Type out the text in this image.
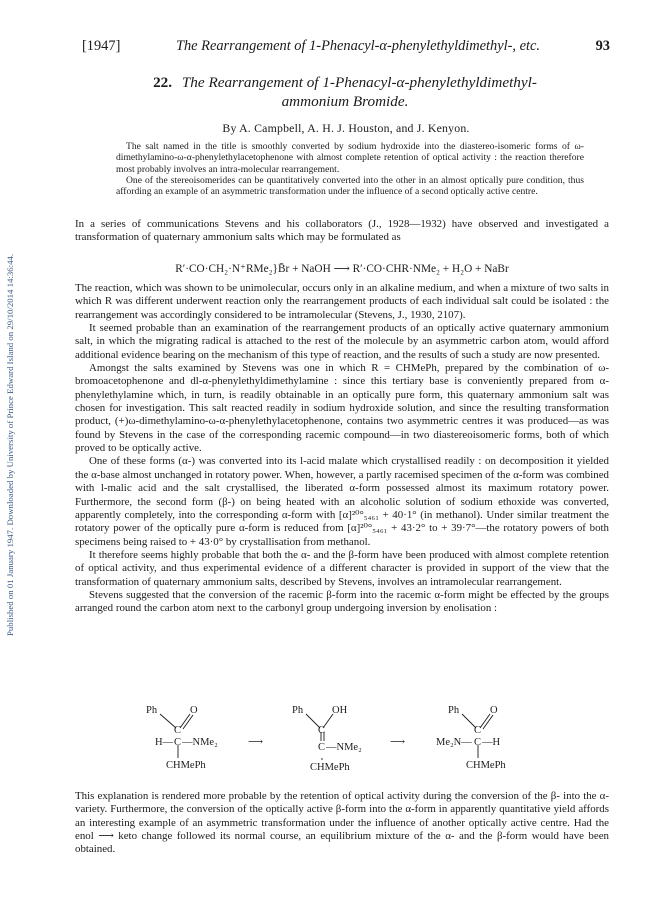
Published on 01 January 1947. Downloaded by University of Prince Edward Island on 29/10/2014 14:36:44.
[1947]	The Rearrangement of 1-Phenacyl-α-phenylethyldimethyl-, etc.	93
22. The Rearrangement of 1-Phenacyl-α-phenylethyldimethyl-
ammonium Bromide.
By A. Campbell, A. H. J. Houston, and J. Kenyon.

The salt named in the title is smoothly converted by sodium hydroxide into the diastereo-isomeric forms of ω-dimethylamino-ω-α-phenylethylacetophenone with almost complete retention of optical activity : the reaction therefore most probably involves an intra-molecular rearrangement.

One of the stereoisomerides can be quantitatively converted into the other in an almost optically pure condition, thus affording an example of an asymmetric transformation under the influence of a second optically active centre.

In a series of communications Stevens and his collaborators (J., 1928—1932) have observed and investigated a transformation of quaternary ammonium salts which may be formulated as

R′·CO·CH₂·N⁺RMe₂}B̄r + NaOH ⟶ R′·CO·CHR·NMe₂ + H₂O + NaBr

The reaction, which was shown to be unimolecular, occurs only in an alkaline medium, and when a mixture of two salts in which R was different underwent reaction only the rearrangement products of each individual salt could be isolated : the rearrangement was accordingly considered to be intramolecular (Stevens, J., 1930, 2107).

It seemed probable than an examination of the rearrangement products of an optically active quaternary ammonium salt, in which the migrating radical is attached to the rest of the molecule by an asymmetric carbon atom, would afford additional evidence bearing on the mechanism of this type of reaction, and the results of such a study are now presented.

Amongst the salts examined by Stevens was one in which R = CHMePh, prepared by the combination of ω-bromoacetophenone and dl-α-phenylethyldimethylamine : since this tertiary base is conveniently prepared from α-phenylethylamine which, in turn, is readily obtainable in an optically pure form, this quaternary ammonium salt was chosen for investigation. This salt reacted readily in sodium hydroxide solution, and since the resulting transformation product, (+)ω-dimethylamino-ω-α-phenylethylacetophenone, contains two asymmetric centres it was produced—as was found by Stevens in the case of the corresponding racemic compound—in two diastereoisomeric forms, both of which proved to be optically active.

One of these forms (α-) was converted into its l-acid malate which crystallised readily : on decomposition it yielded the α-base almost unchanged in rotatory power. When, however, a partly racemised specimen of the α-form was combined with l-malic acid and the salt crystallised, the liberated α-form possessed almost its maximum rotatory power. Furthermore, the second form (β-) on being heated with an alcoholic solution of sodium ethoxide was converted, apparently completely, into the corresponding α-form with [α]²⁰°₅₄₆₁ + 40·1° (in methanol). Under similar treatment the rotatory power of the optically pure α-form is reduced from [α]²⁰°₅₄₆₁ + 43·2° to + 39·7°—the rotatory powers of both specimens being raised to + 43·0° by crystallisation from methanol.

It therefore seems highly probable that both the α- and the β-form have been produced with almost complete retention of optical activity, and thus experimental evidence of a different character is provided in support of the view that the transformation of quaternary ammonium salts, described by Stevens, involves an intramolecular rearrangement.

Stevens suggested that the conversion of the racemic β-form into the racemic α-form might be effected by the groups arranged round the carbon atom next to the carbonyl group undergoing inversion by enolisation :

Ph	O
C
H— C —NMe₂
CHMePh
⟶
Ph	OH
C
C —NMe₂
CHMePh
⟶
Ph	O
C
Me₂N— C —H
CHMePh

This explanation is rendered more probable by the retention of optical activity during the conversion of the β- into the α-variety. Furthermore, the conversion of the optically active β-form into the α-form in apparently quantitative yield affords an interesting example of an asymmetric transformation under the influence of another optically active centre. Had the enol ⟶ keto change followed its normal course, an equilibrium mixture of the α- and the β-form would have been obtained.
